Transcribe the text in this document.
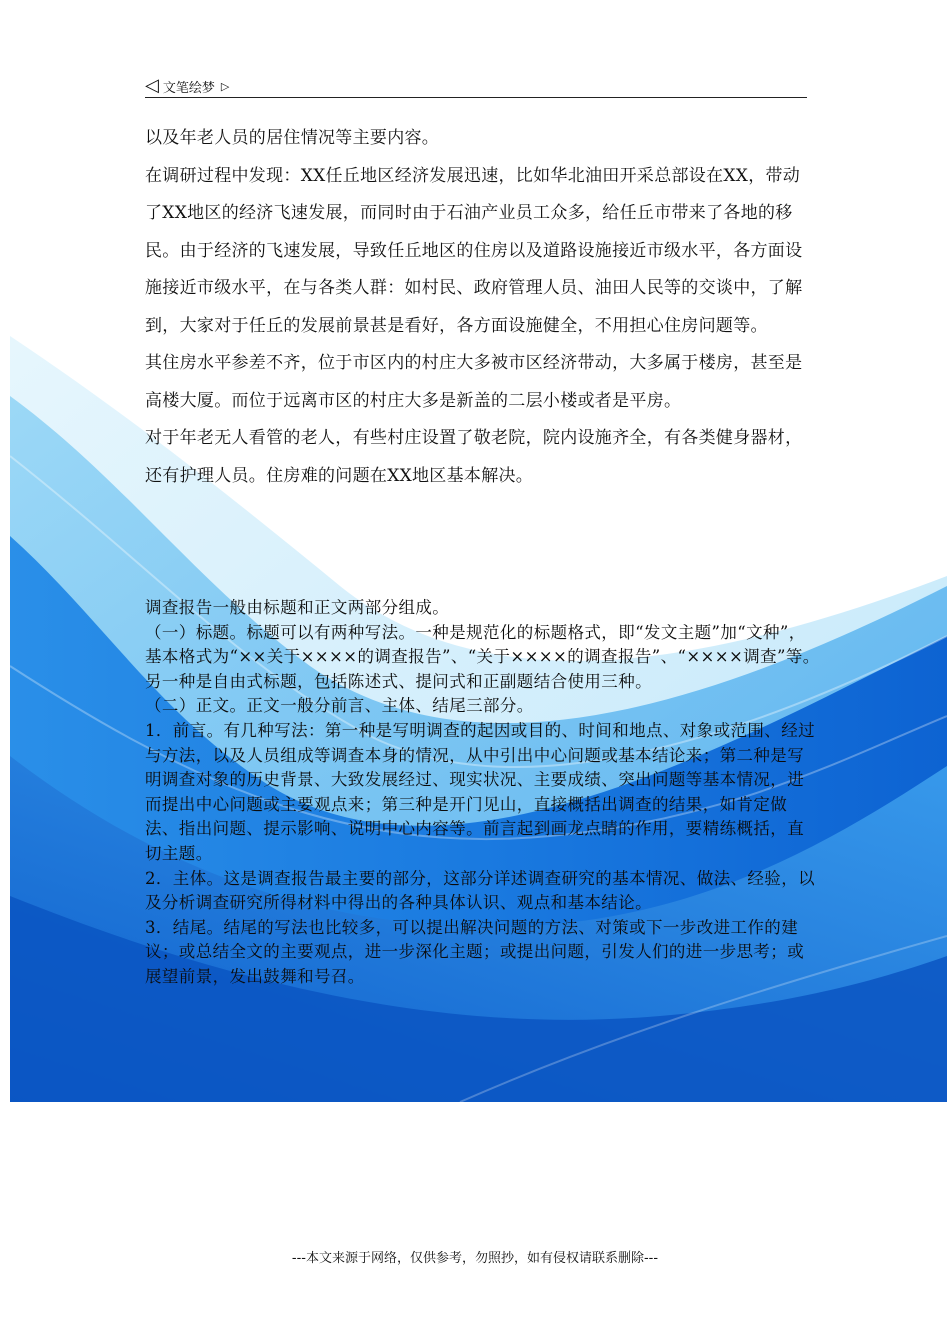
◁ 文笔绘梦 ▷

以及年老人员的居住情况等主要内容。

在调研过程中发现：XX任丘地区经济发展迅速，比如华北油田开采总部设在XX，带动了XX地区的经济飞速发展，而同时由于石油产业员工众多，给任丘市带来了各地的移民。由于经济的飞速发展，导致任丘地区的住房以及道路设施接近市级水平，各方面设施接近市级水平，在与各类人群：如村民、政府管理人员、油田人民等的交谈中，了解到，大家对于任丘的发展前景甚是看好，各方面设施健全，不用担心住房问题等。

其住房水平参差不齐，位于市区内的村庄大多被市区经济带动，大多属于楼房，甚至是高楼大厦。而位于远离市区的村庄大多是新盖的二层小楼或者是平房。

对于年老无人看管的老人，有些村庄设置了敬老院，院内设施齐全，有各类健身器材，还有护理人员。住房难的问题在XX地区基本解决。

调查报告一般由标题和正文两部分组成。

（一）标题。标题可以有两种写法。一种是规范化的标题格式，即“发文主题”加“文种”，基本格式为“××关于××××的调查报告”、“关于××××的调查报告”、“××××调查”等。另一种是自由式标题，包括陈述式、提问式和正副题结合使用三种。

（二）正文。正文一般分前言、主体、结尾三部分。

1．前言。有几种写法：第一种是写明调查的起因或目的、时间和地点、对象或范围、经过与方法，以及人员组成等调查本身的情况，从中引出中心问题或基本结论来；第二种是写明调查对象的历史背景、大致发展经过、现实状况、主要成绩、突出问题等基本情况，进而提出中心问题或主要观点来；第三种是开门见山，直接概括出调查的结果，如肯定做法、指出问题、提示影响、说明中心内容等。前言起到画龙点睛的作用，要精练概括，直切主题。

2．主体。这是调查报告最主要的部分，这部分详述调查研究的基本情况、做法、经验，以及分析调查研究所得材料中得出的各种具体认识、观点和基本结论。

3．结尾。结尾的写法也比较多，可以提出解决问题的方法、对策或下一步改进工作的建议；或总结全文的主要观点，进一步深化主题；或提出问题，引发人们的进一步思考；或展望前景，发出鼓舞和号召。

---本文来源于网络，仅供参考，勿照抄，如有侵权请联系删除---
